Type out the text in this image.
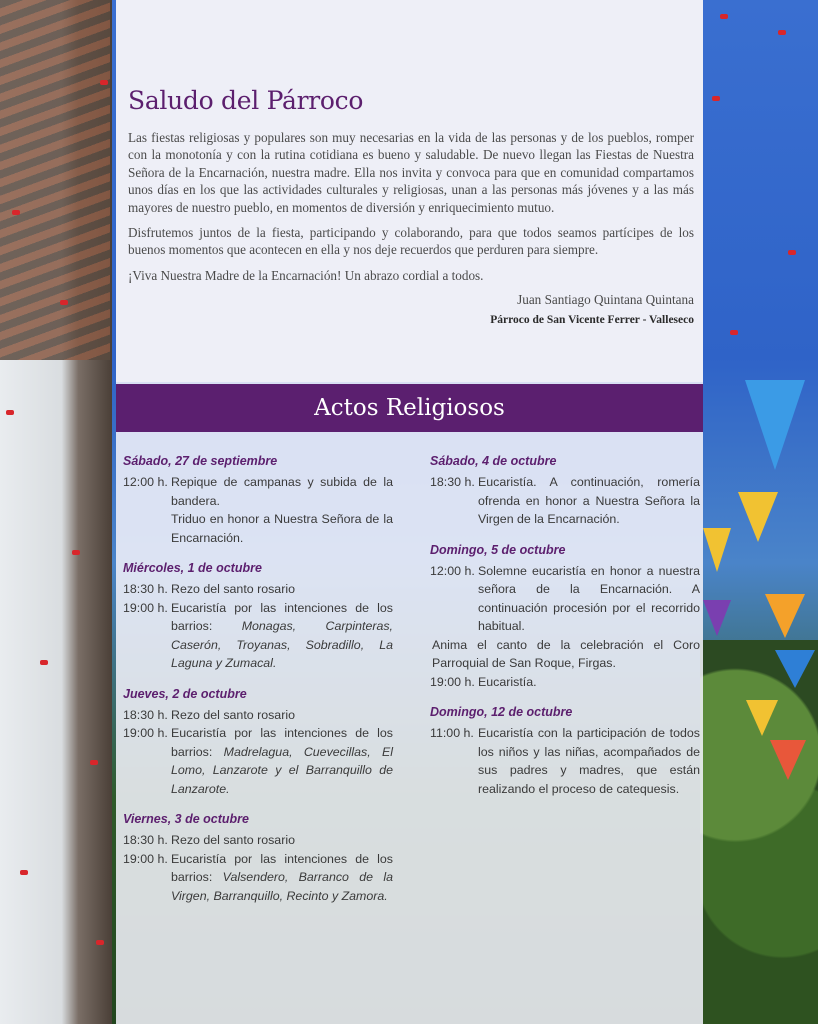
Saludo del Párroco

Las fiestas religiosas y populares son muy necesarias en la vida de las personas y de los pueblos, romper con la monotonía y con la rutina cotidiana es bueno y saludable. De nuevo llegan las Fiestas de Nuestra Señora de la Encarnación, nuestra madre. Ella nos invita y convoca para que en comunidad compartamos unos días en los que las actividades culturales y religiosas, unan a las personas más jóvenes y a las más mayores de nuestro pueblo, en momentos de diversión y enriquecimiento mutuo.

Disfrutemos juntos de la fiesta, participando y colaborando, para que todos seamos partícipes de los buenos momentos que acontecen en ella y nos deje recuerdos que perduren para siempre.

¡Viva Nuestra Madre de la Encarnación! Un abrazo cordial a todos.

Juan Santiago Quintana Quintana
Párroco de San Vicente Ferrer - Valleseco
Actos Religiosos
Sábado, 27 de septiembre
12:00 h. Repique de campanas y subida de la bandera.
Triduo en honor a Nuestra Señora de la Encarnación.
Miércoles, 1 de octubre
18:30 h. Rezo del santo rosario
19:00 h. Eucaristía por las intenciones de los barrios: Monagas, Carpinteras, Caserón, Troyanas, Sobradillo, La Laguna y Zumacal.
Jueves, 2 de octubre
18:30 h. Rezo del santo rosario
19:00 h. Eucaristía por las intenciones de los barrios: Madrelagua, Cuevecillas, El Lomo, Lanzarote y el Barranquillo de Lanzarote.
Viernes, 3 de octubre
18:30 h. Rezo del santo rosario
19:00 h. Eucaristía por las intenciones de los barrios: Valsendero, Barranco de la Virgen, Barranquillo, Recinto y Zamora.
Sábado, 4 de octubre
18:30 h. Eucaristía. A continuación, romería ofrenda en honor a Nuestra Señora la Virgen de la Encarnación.
Domingo, 5 de octubre
12:00 h. Solemne eucaristía en honor a nuestra señora de la Encarnación. A continuación procesión por el recorrido habitual.
Anima el canto de la celebración el Coro Parroquial de San Roque, Firgas.
19:00 h. Eucaristía.
Domingo, 12 de octubre
11:00 h. Eucaristía con la participación de todos los niños y las niñas, acompañados de sus padres y madres, que están realizando el proceso de catequesis.
